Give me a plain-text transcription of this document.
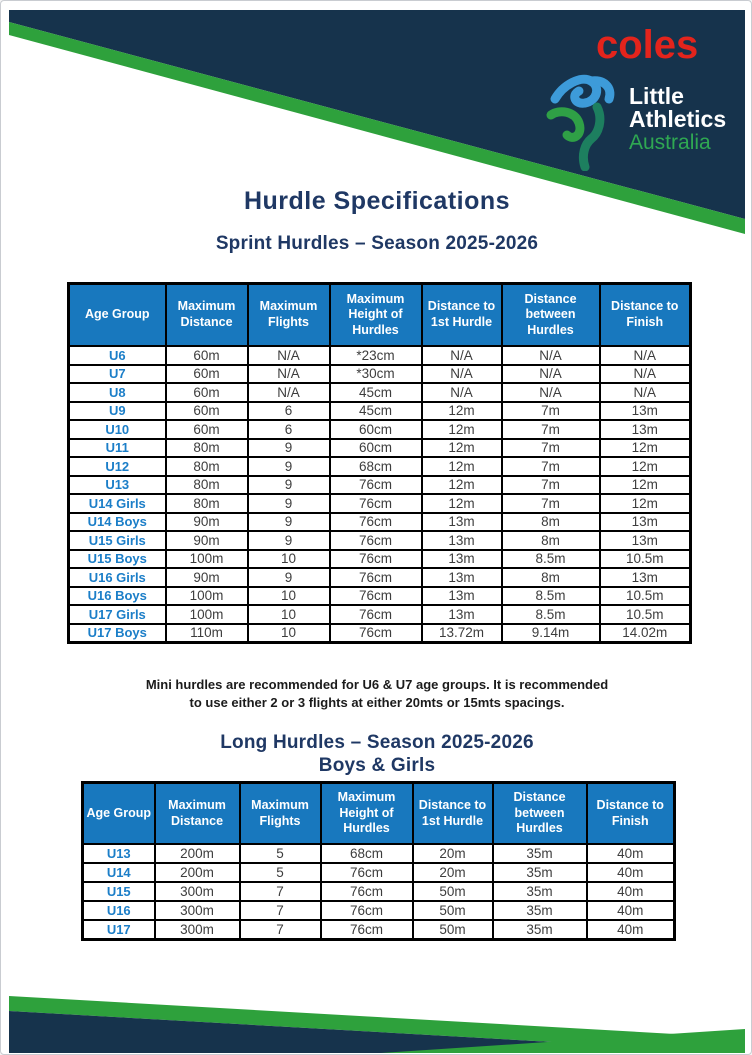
coles
Little
Athletics
Australia
Hurdle Specifications
Sprint Hurdles – Season 2025-2026
Age Group	Maximum Distance	Maximum Flights	Maximum Height of Hurdles	Distance to 1st Hurdle	Distance between Hurdles	Distance to Finish
U6	60m	N/A	*23cm	N/A	N/A	N/A
U7	60m	N/A	*30cm	N/A	N/A	N/A
U8	60m	N/A	45cm	N/A	N/A	N/A
U9	60m	6	45cm	12m	7m	13m
U10	60m	6	60cm	12m	7m	13m
U11	80m	9	60cm	12m	7m	12m
U12	80m	9	68cm	12m	7m	12m
U13	80m	9	76cm	12m	7m	12m
U14 Girls	80m	9	76cm	12m	7m	12m
U14 Boys	90m	9	76cm	13m	8m	13m
U15 Girls	90m	9	76cm	13m	8m	13m
U15 Boys	100m	10	76cm	13m	8.5m	10.5m
U16 Girls	90m	9	76cm	13m	8m	13m
U16 Boys	100m	10	76cm	13m	8.5m	10.5m
U17 Girls	100m	10	76cm	13m	8.5m	10.5m
U17 Boys	110m	10	76cm	13.72m	9.14m	14.02m
Mini hurdles are recommended for U6 & U7 age groups. It is recommended
to use either 2 or 3 flights at either 20mts or 15mts spacings.
Long Hurdles – Season 2025-2026
Boys & Girls
Age Group	Maximum Distance	Maximum Flights	Maximum Height of Hurdles	Distance to 1st Hurdle	Distance between Hurdles	Distance to Finish
U13	200m	5	68cm	20m	35m	40m
U14	200m	5	76cm	20m	35m	40m
U15	300m	7	76cm	50m	35m	40m
U16	300m	7	76cm	50m	35m	40m
U17	300m	7	76cm	50m	35m	40m
